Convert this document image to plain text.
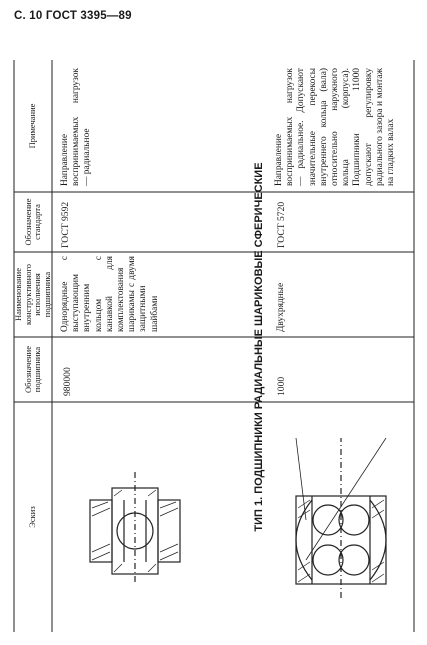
С. 10 ГОСТ 3395—89
Эскиз
Обозначение подшипника
Наименование конструктивного исполнения подшипника
Обозначение стандарта
Примечание
980000
Однорядные с выступающим внутренним кольцом с канавкой для комплектования шарикамы с двумя защитными шайбами
ГОСТ 9592
Направление воспринимаемых нагрузок — радиальное
ТИП 1. ПОДШИПНИКИ РАДИАЛЬНЫЕ ШАРИКОВЫЕ СФЕРИЧЕСКИЕ 1000
Двухрядные
ГОСТ 5720
Направление воспринимаемых нагрузок — радиальное. Допускают значительные перекосы внутреннего кольца (вала) относительно наружного кольца (корпуса). Подшипники 11000 допускают регулировку радиального зазора и монтаж на гладких валах
